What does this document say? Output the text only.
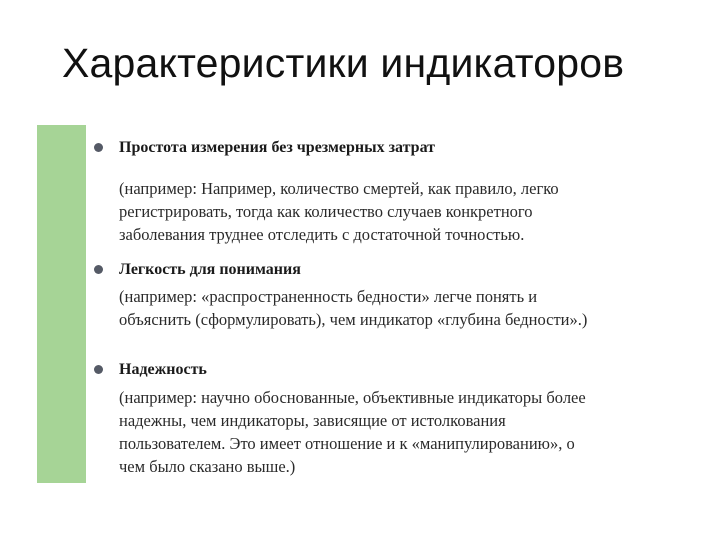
Характеристики индикаторов
Простота измерения без чрезмерных затрат
(например: Например, количество смертей, как правило, легко
регистрировать, тогда как количество случаев конкретного
заболевания труднее отследить с достаточной точностью.
Легкость для понимания
(например: «распространенность бедности» легче понять и
объяснить (сформулировать), чем индикатор «глубина бедности».)
Надежность
(например: научно обоснованные, объективные индикаторы более
надежны, чем индикаторы, зависящие от истолкования
пользователем. Это имеет отношение и к «манипулированию», о
чем было сказано выше.)
